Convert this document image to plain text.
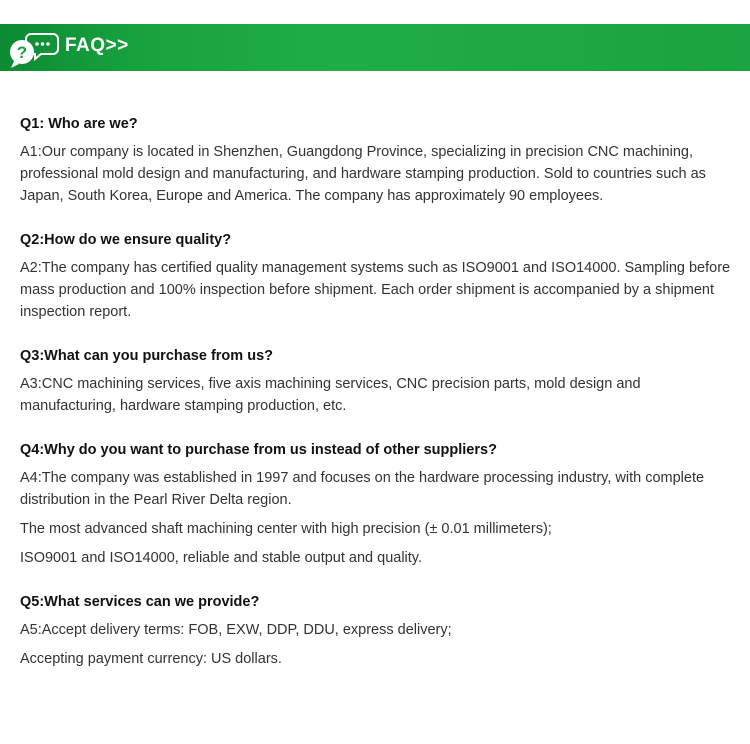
? FAQ>>

Q1: Who are we?

A1:Our company is located in Shenzhen, Guangdong Province, specializing in precision CNC machining, professional mold design and manufacturing, and hardware stamping production. Sold to countries such as Japan, South Korea, Europe and America. The company has approximately 90 employees.

Q2:How do we ensure quality?

A2:The company has certified quality management systems such as ISO9001 and ISO14000. Sampling before mass production and 100% inspection before shipment. Each order shipment is accompanied by a shipment inspection report.

Q3:What can you purchase from us?

A3:CNC machining services, five axis machining services, CNC precision parts, mold design and manufacturing, hardware stamping production, etc.

Q4:Why do you want to purchase from us instead of other suppliers?

A4:The company was established in 1997 and focuses on the hardware processing industry, with complete distribution in the Pearl River Delta region.

The most advanced shaft machining center with high precision (± 0.01 millimeters);

ISO9001 and ISO14000, reliable and stable output and quality.

Q5:What services can we provide?

A5:Accept delivery terms: FOB, EXW, DDP, DDU, express delivery;

Accepting payment currency: US dollars.
